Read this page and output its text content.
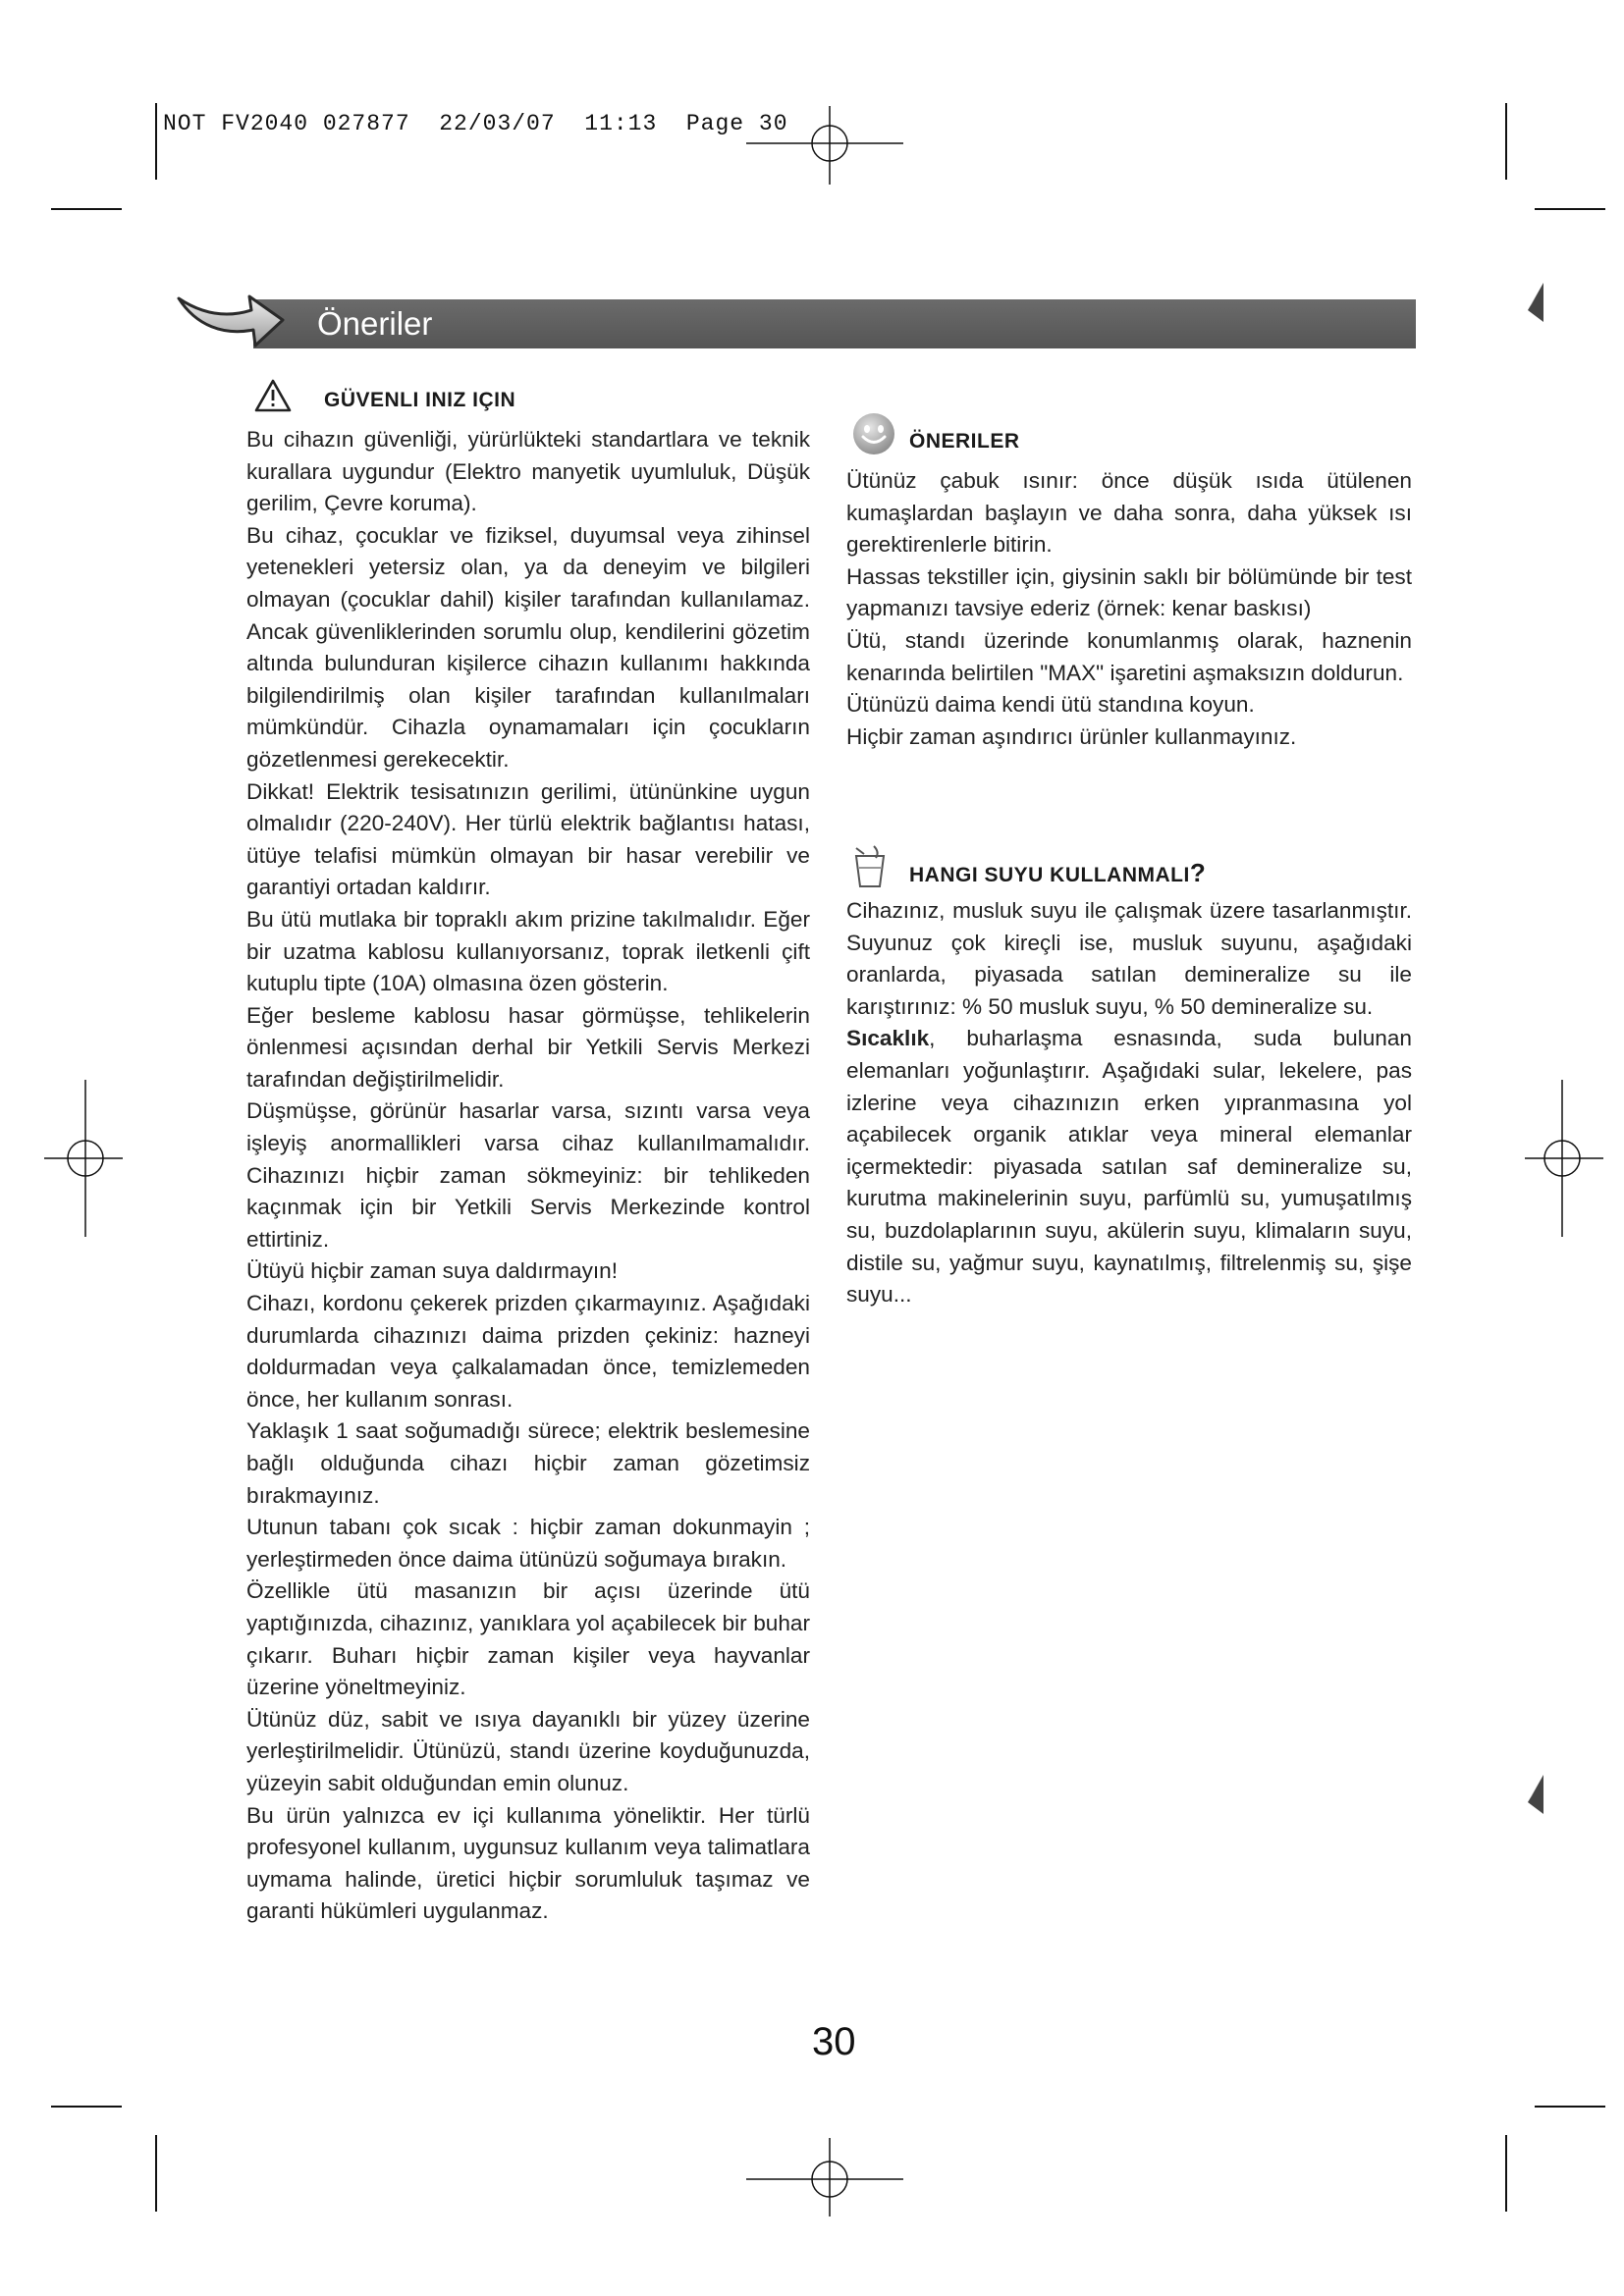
NOT FV2040 027877  22/03/07  11:13  Page 30
Öneriler
GÜVENLI INIZ IÇIN

Bu cihazın güvenliği, yürürlükteki standartlara ve teknik kurallara uygundur (Elektro manyetik uyumluluk, Düşük gerilim, Çevre koruma).

Bu cihaz, çocuklar ve fiziksel, duyumsal veya zihinsel yetenekleri yetersiz olan, ya da deneyim ve bilgileri olmayan (çocuklar dahil) kişiler tarafından kullanılamaz. Ancak güvenliklerinden sorumlu olup, kendilerini gözetim altında bulunduran kişilerce cihazın kullanımı hakkında bilgilendirilmiş olan kişiler tarafından kullanılmaları mümkündür. Cihazla oynamamaları için çocukların gözetlenmesi gerekecektir.

Dikkat! Elektrik tesisatınızın gerilimi, ütününkine uygun olmalıdır (220-240V). Her türlü elektrik bağlantısı hatası, ütüye telafisi mümkün olmayan bir hasar verebilir ve garantiyi ortadan kaldırır.

Bu ütü mutlaka bir topraklı akım prizine takılmalıdır. Eğer bir uzatma kablosu kullanıyorsanız, toprak iletkenli çift kutuplu tipte (10A) olmasına özen gösterin.

Eğer besleme kablosu hasar görmüşse, tehlikelerin önlenmesi açısından derhal bir Yetkili Servis Merkezi tarafından değiştirilmelidir.

Düşmüşse, görünür hasarlar varsa, sızıntı varsa veya işleyiş anormallikleri varsa cihaz kullanılmamalıdır. Cihazınızı hiçbir zaman sökmeyiniz: bir tehlikeden kaçınmak için bir Yetkili Servis Merkezinde kontrol ettirtiniz.

Ütüyü hiçbir zaman suya daldırmayın!

Cihazı, kordonu çekerek prizden çıkarmayınız. Aşağıdaki durumlarda cihazınızı daima prizden çekiniz: hazneyi doldurmadan veya çalkalamadan önce, temizlemeden önce, her kullanım sonrası.

Yaklaşık 1 saat soğumadığı sürece; elektrik beslemesine bağlı olduğunda cihazı hiçbir zaman gözetimsiz bırakmayınız.

Utunun tabanı çok sıcak : hiçbir zaman dokunmayin ; yerleştirmeden önce daima ütünüzü soğumaya bırakın.

Özellikle ütü masanızın bir açısı üzerinde ütü yaptığınızda, cihazınız, yanıklara yol açabilecek bir buhar çıkarır. Buharı hiçbir zaman kişiler veya hayvanlar üzerine yöneltmeyiniz.

Ütünüz düz, sabit ve ısıya dayanıklı bir yüzey üzerine yerleştirilmelidir. Ütünüzü, standı üzerine koyduğunuzda, yüzeyin sabit olduğundan emin olunuz.

Bu ürün yalnızca ev içi kullanıma yöneliktir. Her türlü profesyonel kullanım, uygunsuz kullanım veya talimatlara uymama halinde, üretici hiçbir sorumluluk taşımaz ve garanti hükümleri uygulanmaz.

ÖNERILER

Ütünüz çabuk ısınır: önce düşük ısıda ütülenen kumaşlardan başlayın ve daha sonra, daha yüksek ısı gerektirenlerle bitirin.

Hassas tekstiller için, giysinin saklı bir bölümünde bir test yapmanızı tavsiye ederiz (örnek: kenar baskısı)

Ütü, standı üzerinde konumlanmış olarak, haznenin kenarında belirtilen "MAX" işaretini aşmaksızın doldurun.

Ütünüzü daima kendi ütü standına koyun.

Hiçbir zaman aşındırıcı ürünler kullanmayınız.

HANGI SUYU KULLANMALI?

Cihazınız, musluk suyu ile çalışmak üzere tasarlanmıştır. Suyunuz çok kireçli ise, musluk suyunu, aşağıdaki oranlarda, piyasada satılan demineralize su ile karıştırınız: % 50 musluk suyu, % 50 demineralize su.

Sıcaklık, buharlaşma esnasında, suda bulunan elemanları yoğunlaştırır. Aşağıdaki sular, lekelere, pas izlerine veya cihazınızın erken yıpranmasına yol açabilecek organik atıklar veya mineral elemanlar içermektedir: piyasada satılan saf demineralize su, kurutma makinelerinin suyu, parfümlü su, yumuşatılmış su, buzdolaplarının suyu, akülerin suyu, klimaların suyu, distile su, yağmur suyu, kaynatılmış, filtrelenmiş su, şişe suyu...

30
